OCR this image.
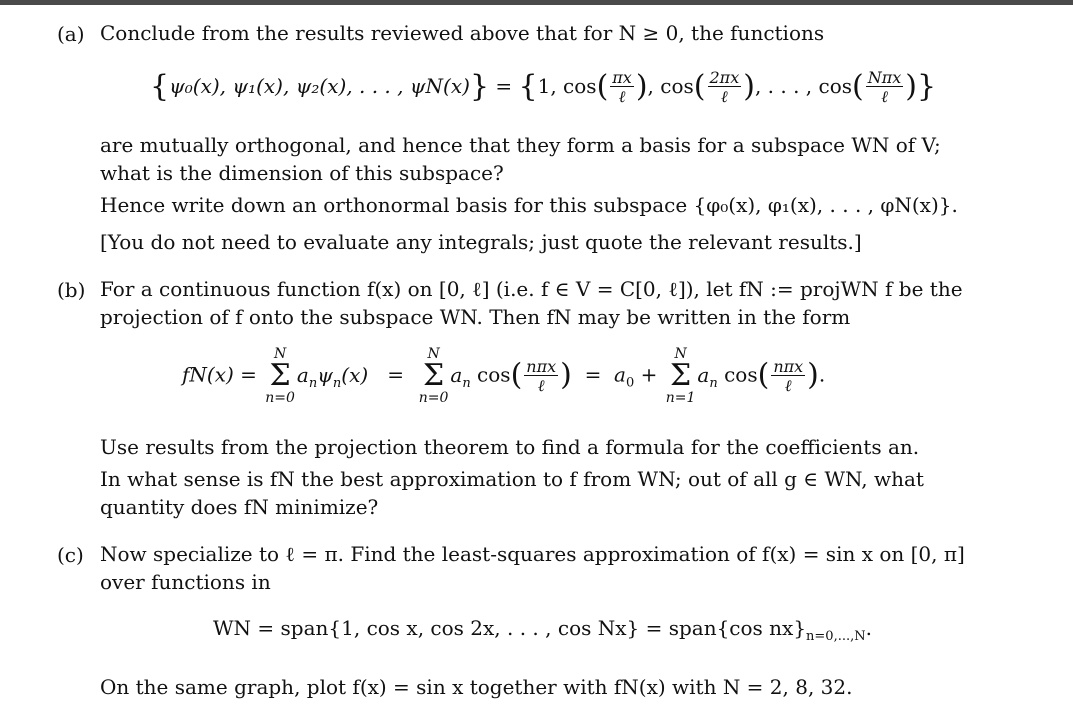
(a) Conclude from the results reviewed above that for N ≥ 0, the functions
{ψ₀(x), ψ₁(x), ψ₂(x), . . . , ψN(x)} = {1, $\cos( \frac{\pi x}{\text{ℓ}}$ ), $\cos( \frac{2\pi x}{\text{ℓ}}$ ), . . . , $\cos( \frac{\text{Nπx}}{\text{ℓ}}$ )}
are mutually orthogonal, and hence that they form a basis for a subspace WN of V;
what is the dimension of this subspace?
Hence write down an orthonormal basis for this subspace {φ₀(x), φ₁(x), . . . , φN(x)}.
[You do not need to evaluate any integrals; just quote the relevant results.]
(b) For a continuous function f(x) on [0, ℓ] (i.e. f ∈ V = C[0, ℓ]), let fN := projWN f be the
projection of f onto the subspace WN. Then fN may be written in the form
fN(x) =
N
Σ
n=0
$a_n\psi_n(x)$   =
N
Σ
n=0
$a_n$ $\cos( \frac{\text{nπx}}{\text{ℓ}}$ )  =  $a_0$ +
N
Σ
n=1
$a_n$ $\cos( \frac{\text{nπx}}{\text{ℓ}}$ ).
Use results from the projection theorem to find a formula for the coefficients an.
In what sense is fN the best approximation to f from WN; out of all g ∈ WN, what
quantity does fN minimize?
(c) Now specialize to ℓ = π. Find the least-squares approximation of f(x) = sin x on [0, π]
over functions in
WN = span{1, cos x, cos 2x, . . . , cos Nx} = span{cos $nx\}_{n=0,...,N}$.
On the same graph, plot f(x) = sin x together with fN(x) with N = 2, 8, 32.
